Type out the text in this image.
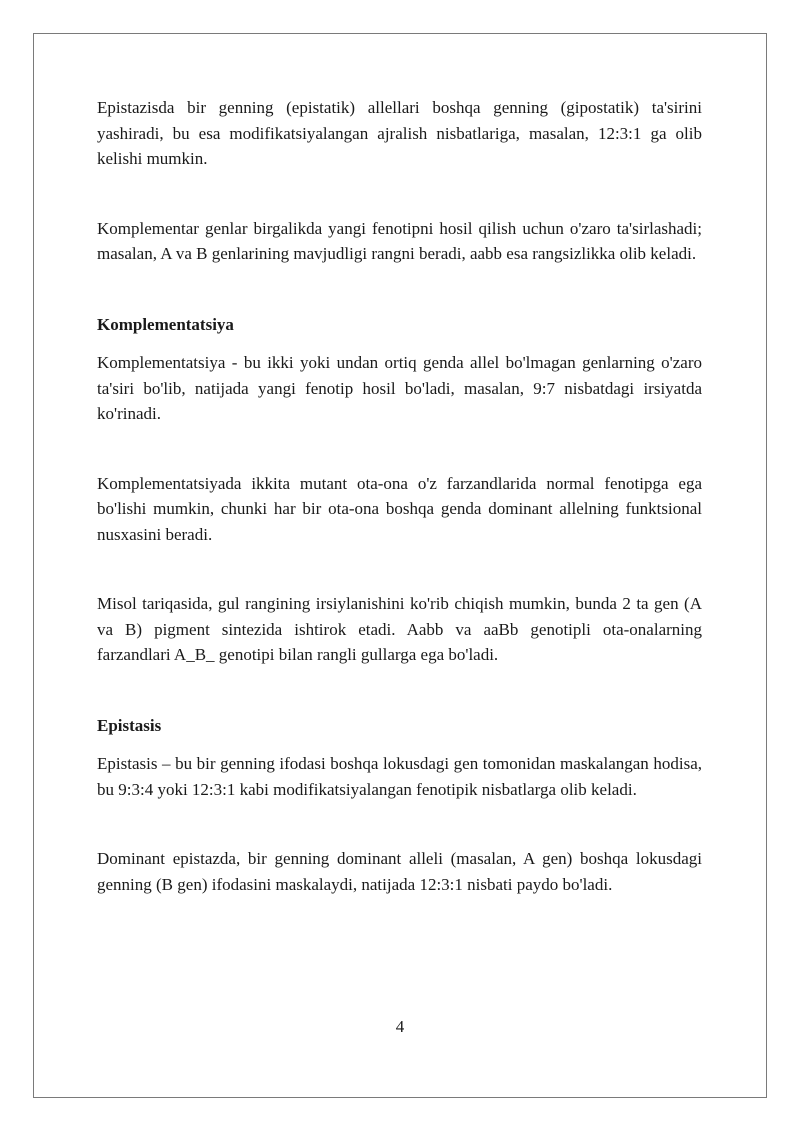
Epistazisda bir genning (epistatik) allellari boshqa genning (gipostatik) ta'sirini yashiradi, bu esa modifikatsiyalangan ajralish nisbatlariga, masalan, 12:3:1 ga olib kelishi mumkin.

Komplementar genlar birgalikda yangi fenotipni hosil qilish uchun o'zaro ta'sirlashadi; masalan, A va B genlarining mavjudligi rangni beradi, aabb esa rangsizlikka olib keladi.

Komplementatsiya

Komplementatsiya - bu ikki yoki undan ortiq genda allel bo'lmagan genlarning o'zaro ta'siri bo'lib, natijada yangi fenotip hosil bo'ladi, masalan, 9:7 nisbatdagi irsiyatda ko'rinadi.

Komplementatsiyada ikkita mutant ota-ona o'z farzandlarida normal fenotipga ega bo'lishi mumkin, chunki har bir ota-ona boshqa genda dominant allelning funktsional nusxasini beradi.

Misol tariqasida, gul rangining irsiylanishini ko'rib chiqish mumkin, bunda 2 ta gen (A va B) pigment sintezida ishtirok etadi. Aabb va aaBb genotipli ota-onalarning farzandlari A_B_ genotipi bilan rangli gullarga ega bo'ladi.

Epistasis

Epistasis – bu bir genning ifodasi boshqa lokusdagi gen tomonidan maskalangan hodisa, bu 9:3:4 yoki 12:3:1 kabi modifikatsiyalangan fenotipik nisbatlarga olib keladi.

Dominant epistazda, bir genning dominant alleli (masalan, A gen) boshqa lokusdagi genning (B gen) ifodasini maskalaydi, natijada 12:3:1 nisbati paydo bo'ladi.

4
